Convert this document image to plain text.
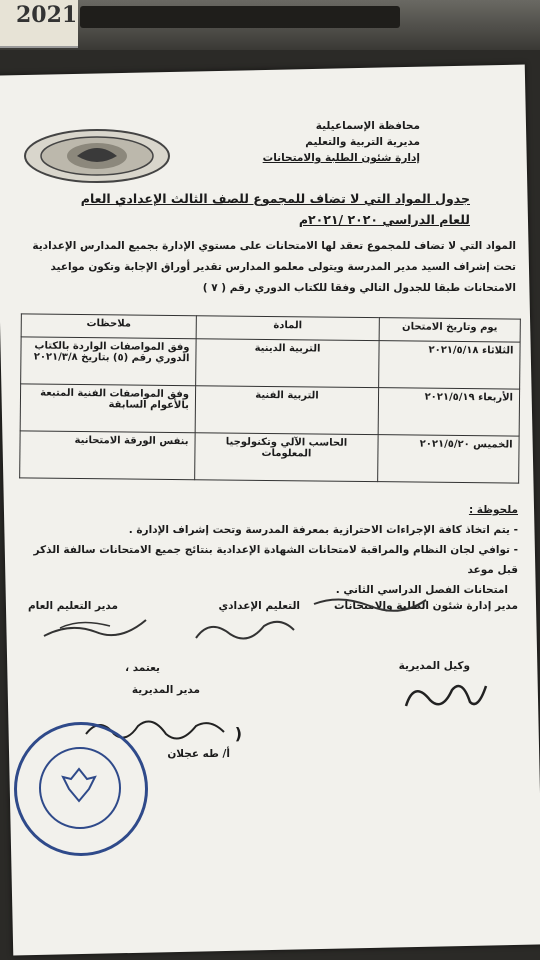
2021
محافظة الإسماعيلية
مديرية التربية والتعليم
إدارة شئون الطلبة والامتحانات
جدول المواد التي لا تضاف للمجموع للصف الثالث الإعدادي العام
للعام الدراسي ٢٠٢٠ /٢٠٢١م
المواد التي لا تضاف للمجموع تعقد لها الامتحانات على مستوي الإدارة بجميع المدارس الإعدادية
تحت إشراف السيد مدير المدرسة ويتولى معلمو المدارس تقدير أوراق الإجابة وتكون مواعيد
الامتحانات طبقا للجدول التالي وفقا للكتاب الدوري رقم ( ٧ )
يوم وتاريخ الامتحان	المادة	ملاحظات
الثلاثاء ٢٠٢١/٥/١٨	التربية الدينية	وفق المواصفات الواردة بالكتاب الدوري رقم (٥) بتاريخ ٢٠٢١/٣/٨
الأربعاء ٢٠٢١/٥/١٩	التربية الفنية	وفق المواصفات الفنية المتبعة بالأعوام السابقة
الخميس ٢٠٢١/٥/٢٠	الحاسب الآلي وتكنولوجيا المعلومات	بنفس الورقة الامتحانية
ملحوظة :
- يتم اتخاذ كافة الإجراءات الاحترازية بمعرفة المدرسة وتحت إشراف الإدارة .
- توافي لجان النظام والمراقبة لامتحانات الشهادة الإعدادية بنتائج جميع الامتحانات سالفة الذكر قبل موعد
امتحانات الفصل الدراسي الثاني .
مدير إدارة شئون الطلبة والامتحانات
التعليم الإعدادي
مدير التعليم العام
وكيل المديرية
يعتمد ،
مدير المديرية
(
أ/ طه عجلان
